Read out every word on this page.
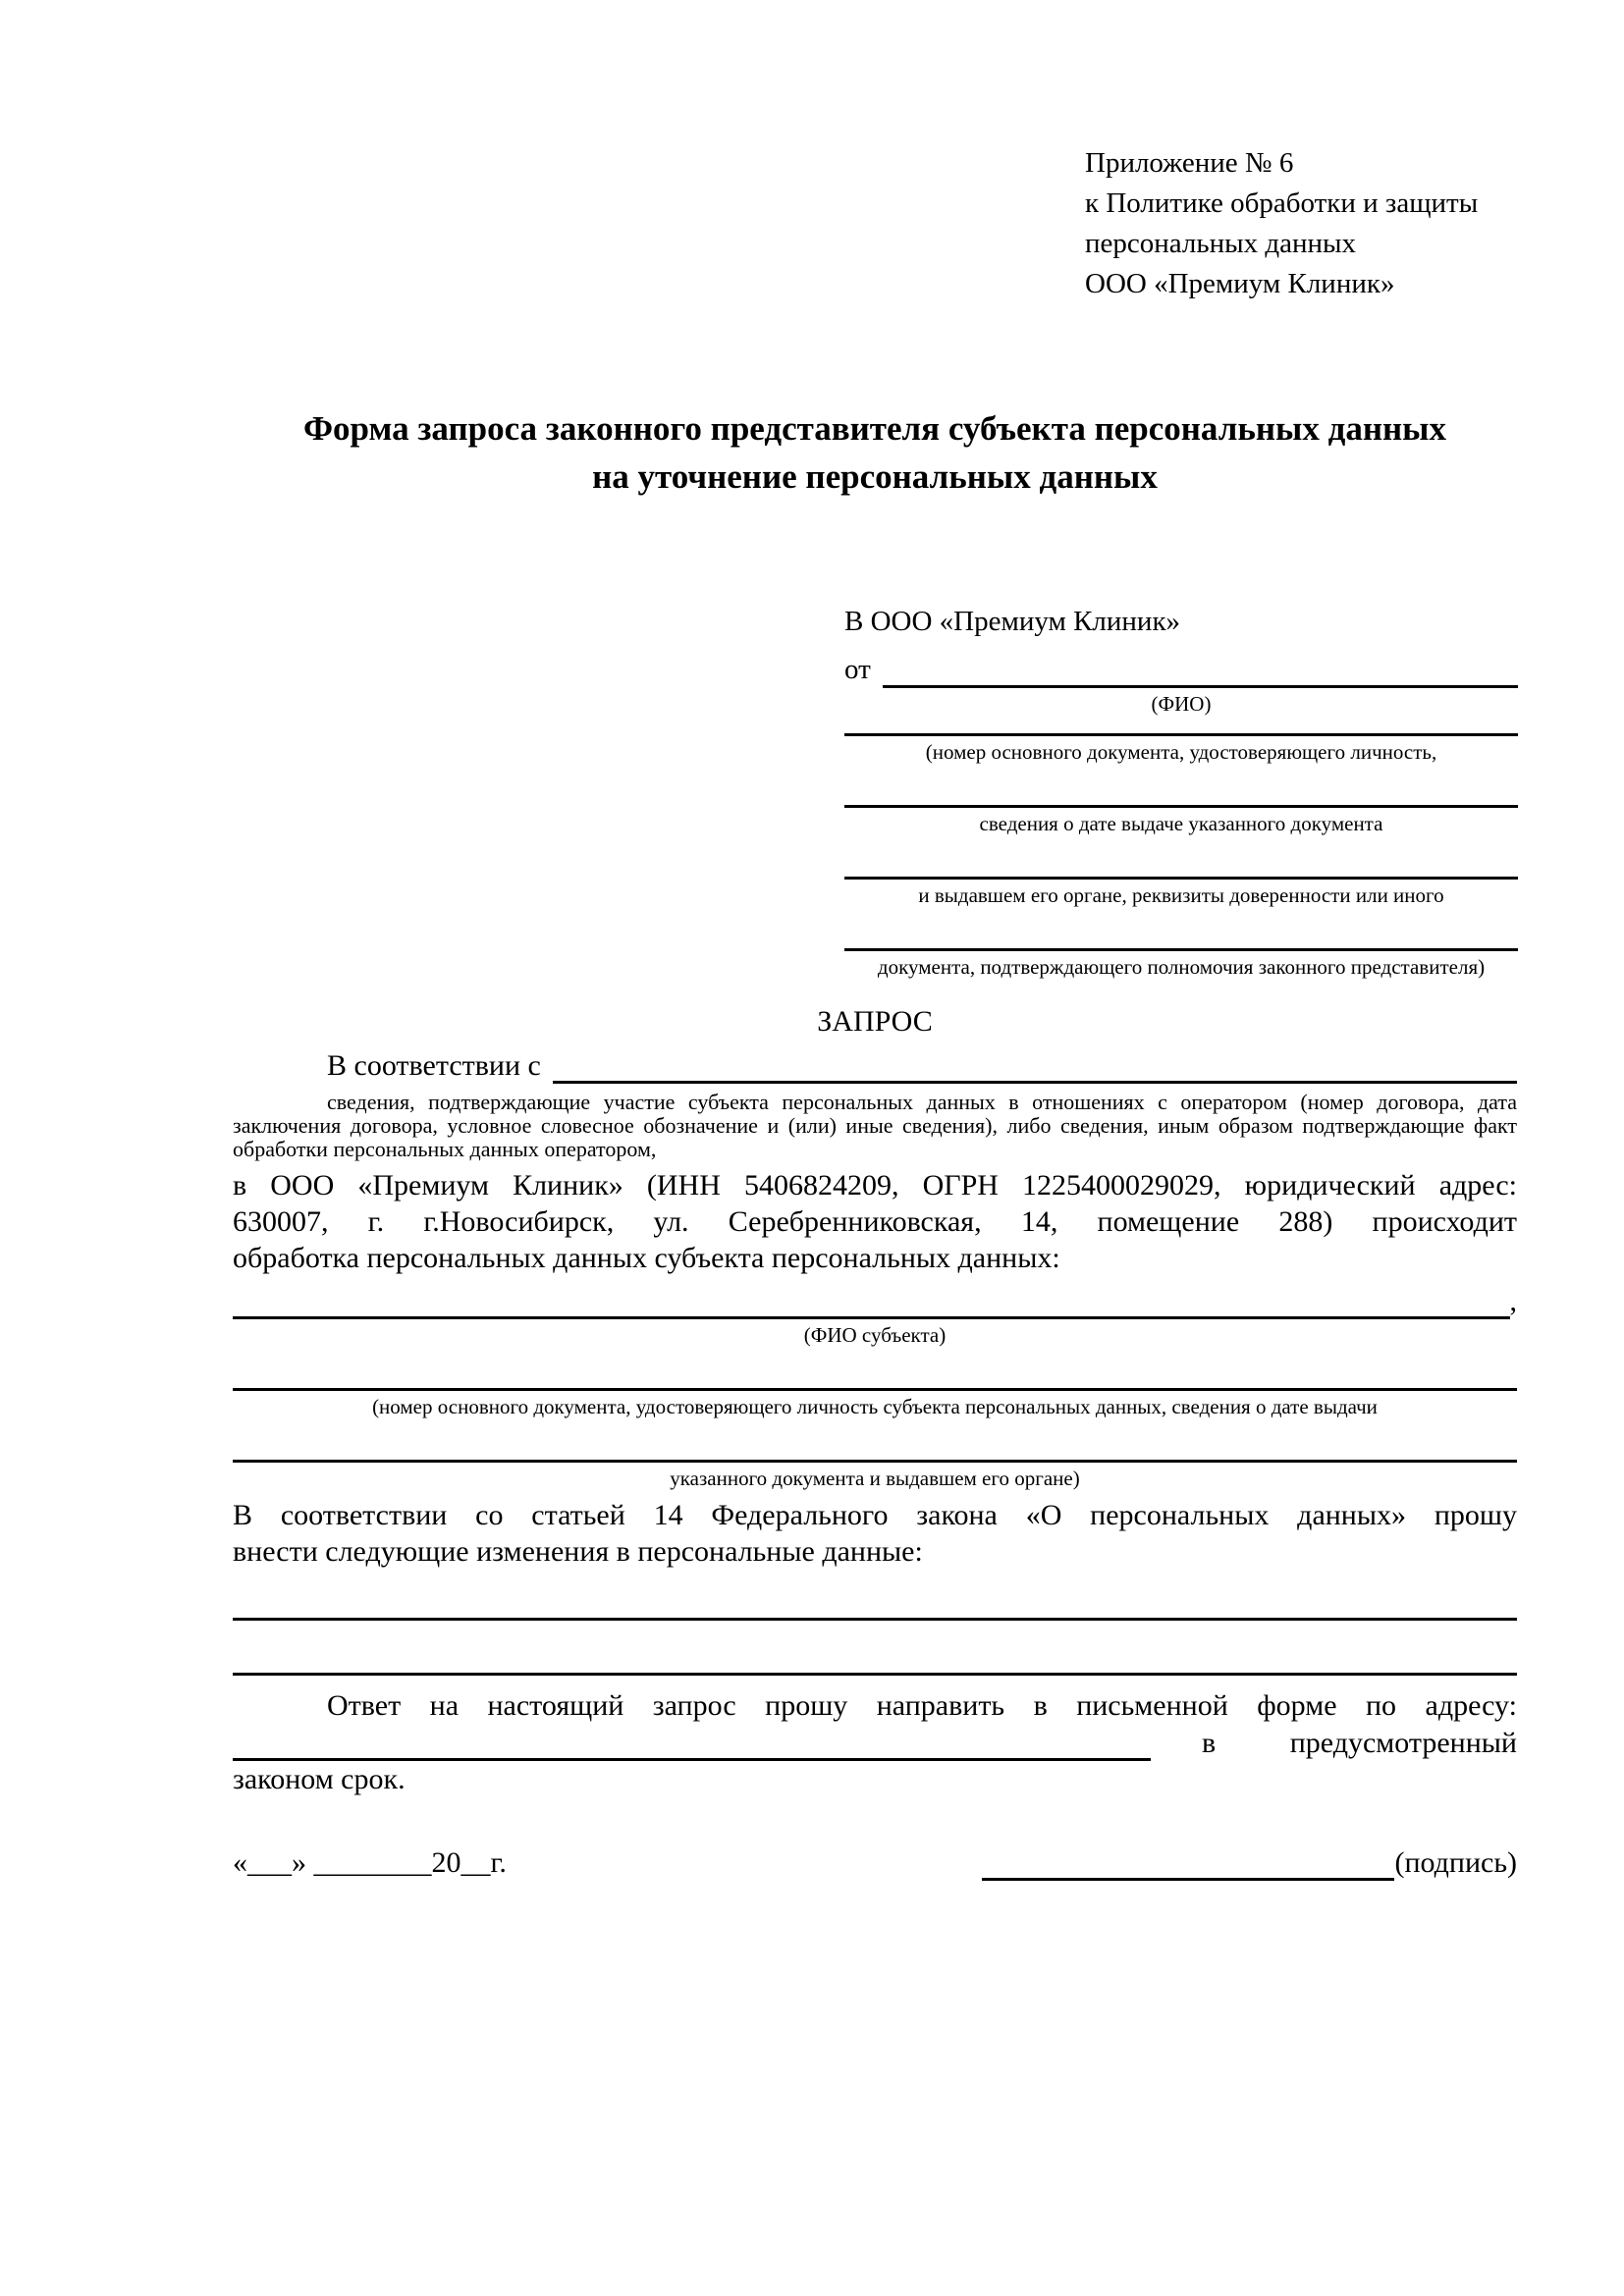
Приложение № 6
к Политике обработки и защиты
персональных данных
ООО «Премиум Клиник»
Форма запроса законного представителя субъекта персональных данных
на уточнение персональных данных
В ООО «Премиум Клиник»
от
(ФИО)
(номер основного документа, удостоверяющего личность,
сведения о дате выдаче указанного документа
и выдавшем его органе, реквизиты доверенности или иного
документа, подтверждающего полномочия законного представителя)
ЗАПРОС
В соответствии с
сведения, подтверждающие участие субъекта персональных данных в отношениях с оператором (номер договора, дата
заключения договора, условное словесное обозначение и (или) иные сведения), либо сведения, иным образом подтверждающие факт
обработки персональных данных оператором,
в ООО «Премиум Клиник» (ИНН 5406824209, ОГРН 1225400029029, юридический адрес:
630007, г. г.Новосибирск, ул. Серебренниковская, 14, помещение 288) происходит
обработка персональных данных субъекта персональных данных:
,
(ФИО субъекта)
(номер основного документа, удостоверяющего личность субъекта персональных данных, сведения о дате выдачи
указанного документа и выдавшем его органе)
В соответствии со статьей 14 Федерального закона «О персональных данных» прошу
внести следующие изменения в персональные данные:
Ответ на настоящий запрос прошу направить в письменной форме по адресу:
в	предусмотренный
законом срок.
«___» ________20__г.	(подпись)
